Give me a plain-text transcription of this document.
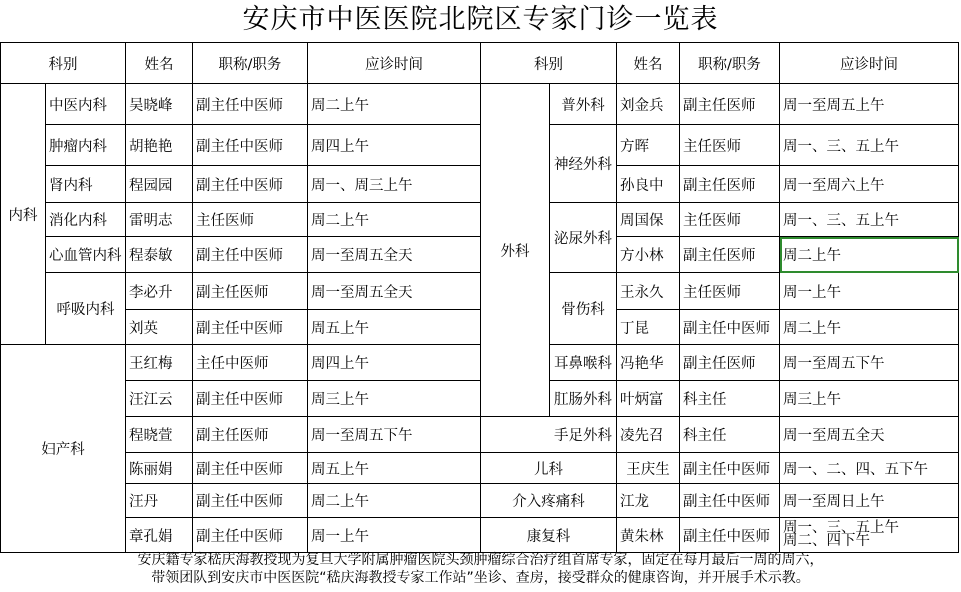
安庆市中医医院北院区专家门诊一览表
科别		姓名	职称/职务	应诊时间	科别		姓名	职称/职务	应诊时间
内科	中医内科	吴晓峰	副主任中医师	周二上午	外科	普外科	刘金兵	副主任医师	周一至周五上午
	肿瘤内科	胡艳艳	副主任中医师	周四上午		神经外科	方晖	主任医师	周一、三、五上午
	肾内科	程园园	副主任中医师	周一、周三上午			孙良中	副主任医师	周一至周六上午
	消化内科	雷明志	主任医师	周二上午		泌尿外科	周国保	主任医师	周一、三、五上午
	心血管内科	程泰敏	副主任中医师	周一至周五全天			方小林	副主任医师	周二上午
	呼吸内科	李必升	副主任医师	周一至周五全天		骨伤科	王永久	主任医师	周一上午
		刘英	副主任中医师	周五上午			丁昆	副主任中医师	周二上午
妇产科		王红梅	主任中医师	周四上午		耳鼻喉科	冯艳华	副主任医师	周一至周五下午
		汪江云	副主任中医师	周三上午		肛肠外科	叶炳富	科主任	周三上午
		程晓萱	副主任医师	周一至周五下午	手足外科		凌先召	科主任	周一至周五全天
		陈丽娟	副主任中医师	周五上午	儿科		王庆生	副主任中医师	周一、二、四、五下午
		汪丹	副主任中医师	周二上午	介入疼痛科		江龙	副主任中医师	周一至周日上午
		章孔娟	副主任中医师	周一上午	康复科		黄朱林	副主任中医师	周一、三、五上午
周二、四下午
安庆籍专家嵇庆海教授现为复旦大学附属肿瘤医院头颈肿瘤综合治疗组首席专家，固定在每月最后一周的周六，
带领团队到安庆市中医医院“嵇庆海教授专家工作站”坐诊、查房，接受群众的健康咨询，并开展手术示教。
